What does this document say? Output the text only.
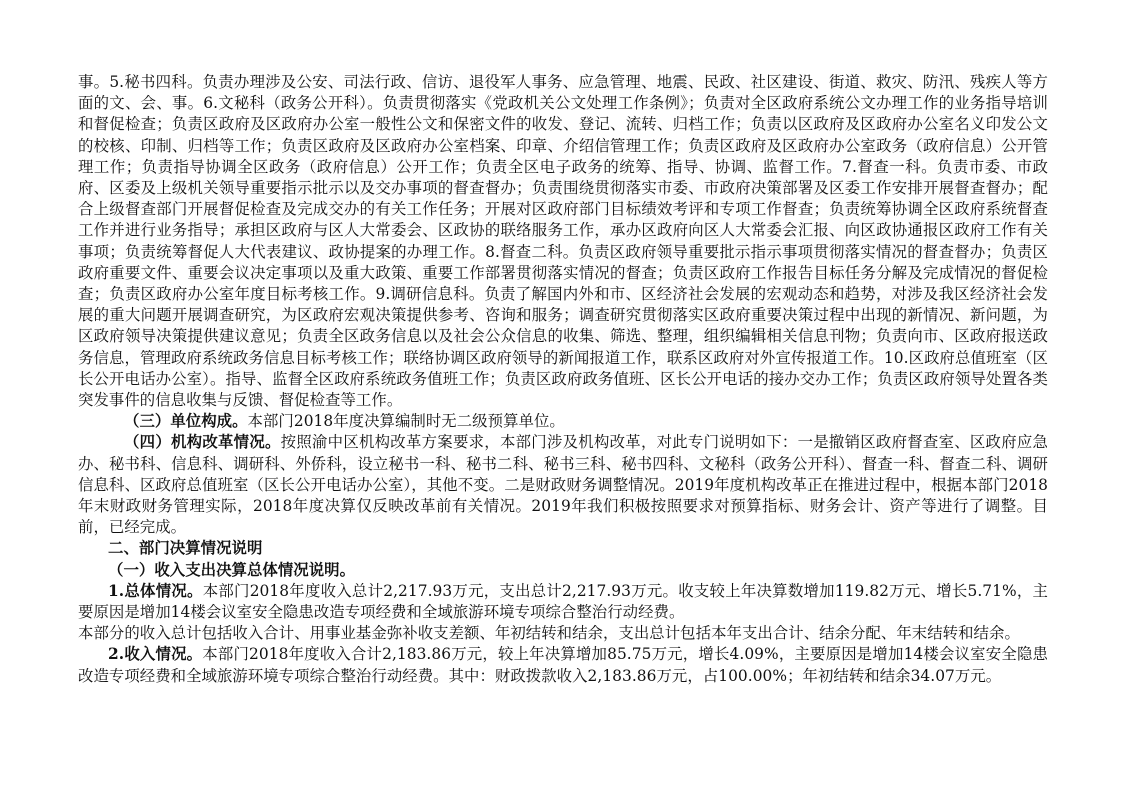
事。5.秘书四科。负责办理涉及公安、司法行政、信访、退役军人事务、应急管理、地震、民政、社区建设、街道、救灾、防汛、残疾人等方面的文、会、事。6.文秘科（政务公开科）。负责贯彻落实《党政机关公文处理工作条例》；负责对全区政府系统公文办理工作的业务指导培训和督促检查；负责区政府及区政府办公室一般性公文和保密文件的收发、登记、流转、归档工作；负责以区政府及区政府办公室名义印发公文的校核、印制、归档等工作；负责区政府及区政府办公室档案、印章、介绍信管理工作；负责区政府及区政府办公室政务（政府信息）公开管理工作；负责指导协调全区政务（政府信息）公开工作；负责全区电子政务的统筹、指导、协调、监督工作。7.督查一科。负责市委、市政府、区委及上级机关领导重要指示批示以及交办事项的督查督办；负责围绕贯彻落实市委、市政府决策部署及区委工作安排开展督查督办；配合上级督查部门开展督促检查及完成交办的有关工作任务；开展对区政府部门目标绩效考评和专项工作督查；负责统筹协调全区政府系统督查工作并进行业务指导；承担区政府与区人大常委会、区政协的联络服务工作，承办区政府向区人大常委会汇报、向区政协通报区政府工作有关事项；负责统筹督促人大代表建议、政协提案的办理工作。8.督查二科。负责区政府领导重要批示指示事项贯彻落实情况的督查督办；负责区政府重要文件、重要会议决定事项以及重大政策、重要工作部署贯彻落实情况的督查；负责区政府工作报告目标任务分解及完成情况的督促检查；负责区政府办公室年度目标考核工作。9.调研信息科。负责了解国内外和市、区经济社会发展的宏观动态和趋势，对涉及我区经济社会发展的重大问题开展调查研究，为区政府宏观决策提供参考、咨询和服务；调查研究贯彻落实区政府重要决策过程中出现的新情况、新问题，为区政府领导决策提供建议意见；负责全区政务信息以及社会公众信息的收集、筛选、整理，组织编辑相关信息刊物；负责向市、区政府报送政务信息，管理政府系统政务信息目标考核工作；联络协调区政府领导的新闻报道工作，联系区政府对外宣传报道工作。10.区政府总值班室（区长公开电话办公室）。指导、监督全区政府系统政务值班工作；负责区政府政务值班、区长公开电话的接办交办工作；负责区政府领导处置各类突发事件的信息收集与反馈、督促检查等工作。

（三）单位构成。本部门2018年度决算编制时无二级预算单位。

（四）机构改革情况。按照渝中区机构改革方案要求，本部门涉及机构改革，对此专门说明如下：一是撤销区政府督查室、区政府应急办、秘书科、信息科、调研科、外侨科，设立秘书一科、秘书二科、秘书三科、秘书四科、文秘科（政务公开科）、督查一科、督查二科、调研信息科、区政府总值班室（区长公开电话办公室），其他不变。二是财政财务调整情况。2019年度机构改革正在推进过程中，根据本部门2018年末财政财务管理实际，2018年度决算仅反映改革前有关情况。2019年我们积极按照要求对预算指标、财务会计、资产等进行了调整。目前，已经完成。

二、部门决算情况说明

（一）收入支出决算总体情况说明。

1.总体情况。本部门2018年度收入总计2,217.93万元，支出总计2,217.93万元。收支较上年决算数增加119.82万元、增长5.71%，主要原因是增加14楼会议室安全隐患改造专项经费和全域旅游环境专项综合整治行动经费。

本部分的收入总计包括收入合计、用事业基金弥补收支差额、年初结转和结余，支出总计包括本年支出合计、结余分配、年末结转和结余。

2.收入情况。本部门2018年度收入合计2,183.86万元，较上年决算增加85.75万元，增长4.09%，主要原因是增加14楼会议室安全隐患改造专项经费和全域旅游环境专项综合整治行动经费。其中：财政拨款收入2,183.86万元，占100.00%；年初结转和结余34.07万元。
